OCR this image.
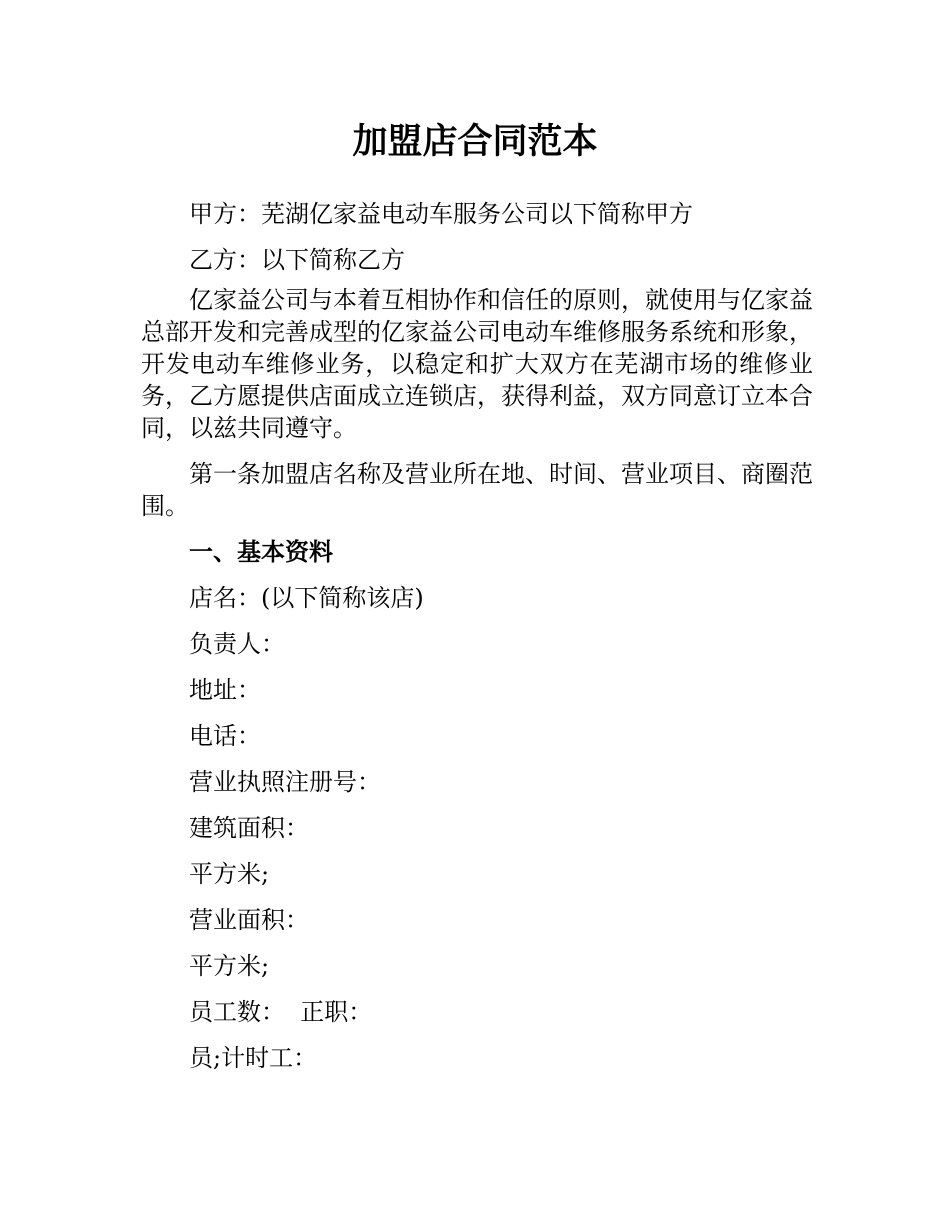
加盟店合同范本

甲方：芜湖亿家益电动车服务公司以下简称甲方

乙方：以下简称乙方

亿家益公司与本着互相协作和信任的原则，就使用与亿家益总部开发和完善成型的亿家益公司电动车维修服务系统和形象，开发电动车维修业务，以稳定和扩大双方在芜湖市场的维修业务，乙方愿提供店面成立连锁店，获得利益，双方同意订立本合同，以兹共同遵守。

第一条加盟店名称及营业所在地、时间、营业项目、商圈范围。

一、基本资料

店名：(以下简称该店)

负责人：

地址：

电话：

营业执照注册号：

建筑面积：

平方米;

营业面积：

平方米;

员工数：  正职：

员;计时工：
